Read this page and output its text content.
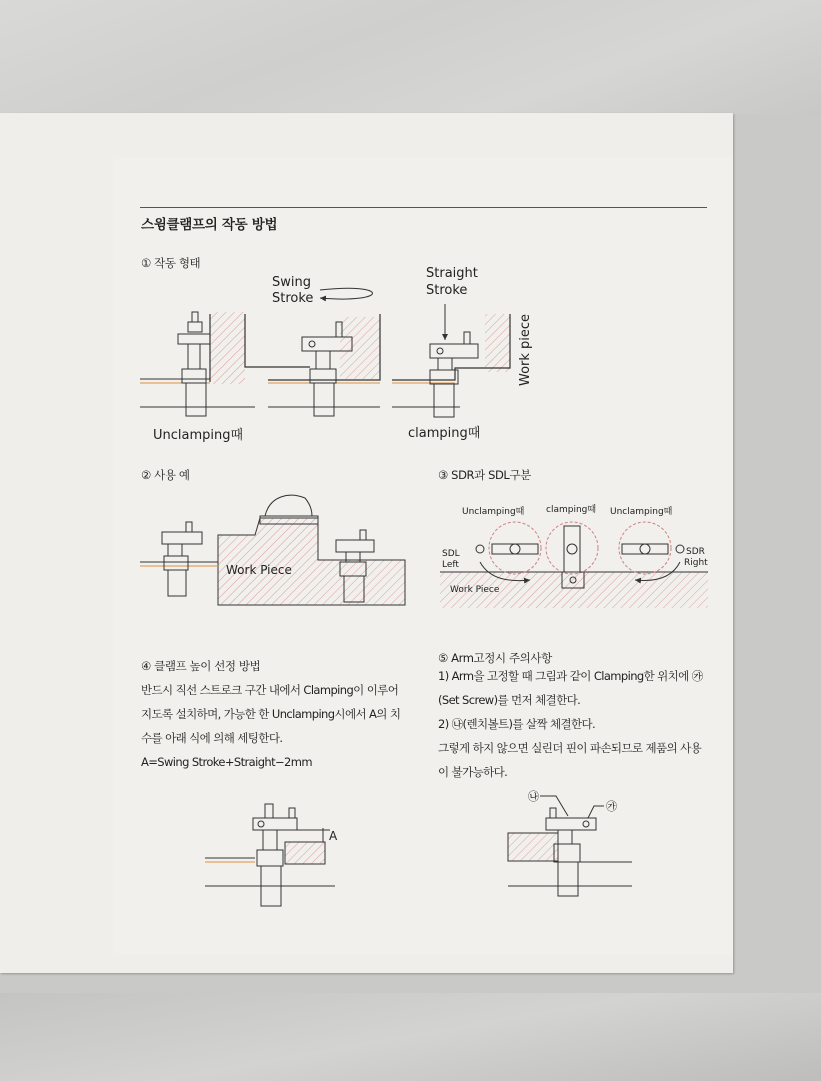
스윙클램프의 작동 방법
① 작동 형태
Swing
Stroke
Straight
Stroke
Work piece
Unclamping때	clamping때
② 사용 예
Work Piece
③ SDR과 SDL구분
Unclamping때 clamping때 Unclamping때
SDL
Left
SDR
Right
Work Piece
④ 클램프 높이 선정 방법
반드시 직선 스트로크 구간 내에서 Clamping이 이루어
지도록 설치하며, 가능한 한 Unclamping시에서 A의 치
수를 아래 식에 의해 세팅한다.
A=Swing Stroke+Straight−2mm
A
⑤ Arm고정시 주의사항
1) Arm을 고정할 때 그림과 같이 Clamping한 위치에 ㉮
(Set Screw)를 먼저 체결한다.
2) ㉯(렌치볼트)를 살짝 체결한다.
그렇게 하지 않으면 실린더 핀이 파손되므로 제품의 사용
이 불가능하다.
㉯
㉮
